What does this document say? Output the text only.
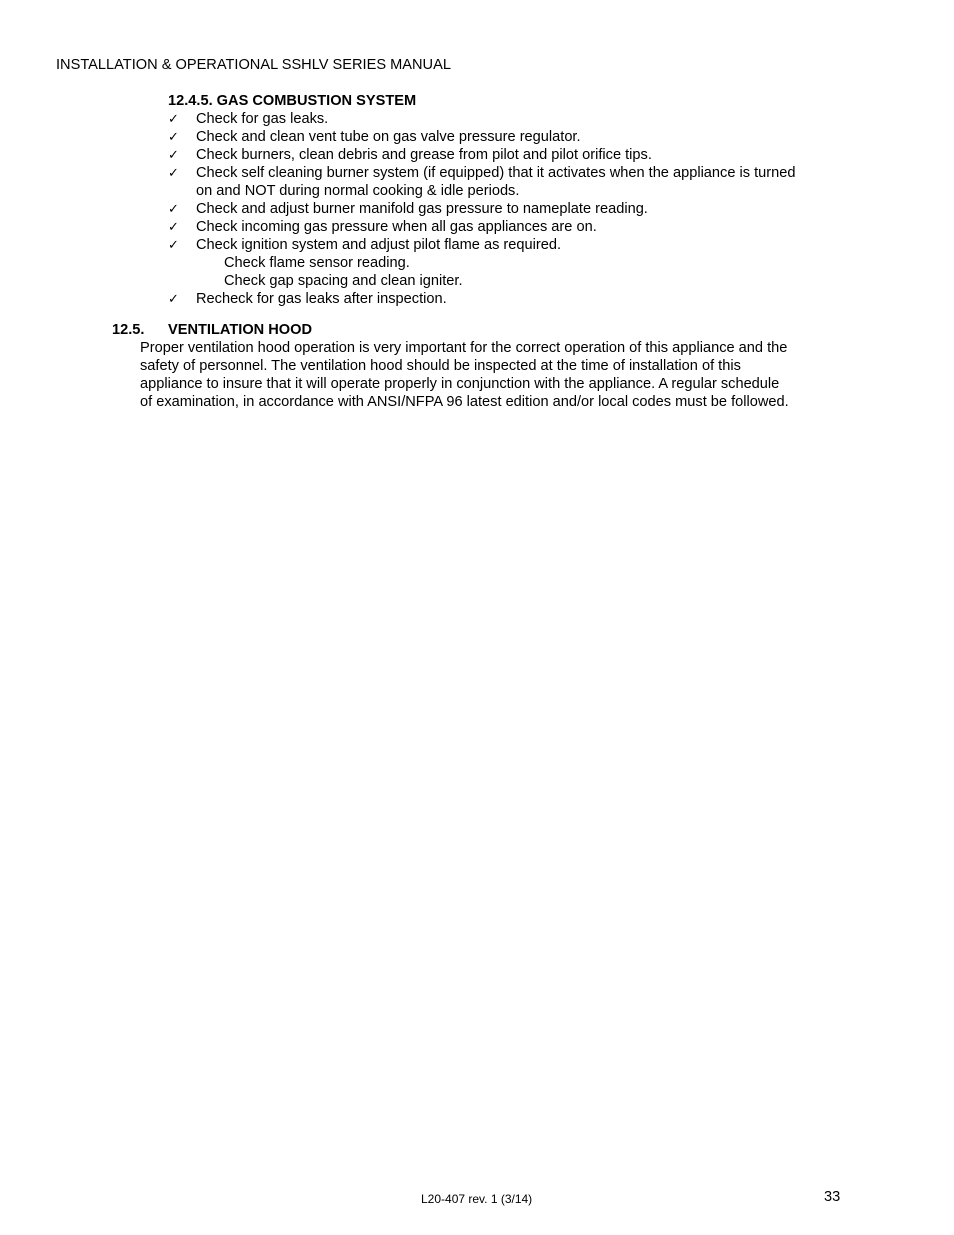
INSTALLATION & OPERATIONAL SSHLV SERIES MANUAL
12.4.5. GAS COMBUSTION SYSTEM
✓ Check for gas leaks.
✓ Check and clean vent tube on gas valve pressure regulator.
✓ Check burners, clean debris and grease from pilot and pilot orifice tips.
✓ Check self cleaning burner system (if equipped) that it activates when the appliance is turned
on and NOT during normal cooking & idle periods.
✓ Check and adjust burner manifold gas pressure to nameplate reading.
✓ Check incoming gas pressure when all gas appliances are on.
✓ Check ignition system and adjust pilot flame as required.
Check flame sensor reading.
Check gap spacing and clean igniter.
✓ Recheck for gas leaks after inspection.
12.5. VENTILATION HOOD
Proper ventilation hood operation is very important for the correct operation of this appliance and the
safety of personnel. The ventilation hood should be inspected at the time of installation of this
appliance to insure that it will operate properly in conjunction with the appliance. A regular schedule
of examination, in accordance with ANSI/NFPA 96 latest edition and/or local codes must be followed.
L20-407 rev. 1 (3/14)	33
